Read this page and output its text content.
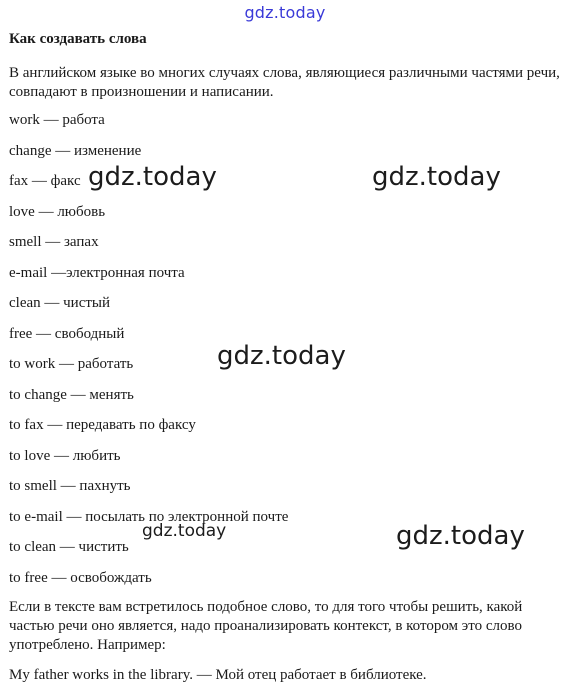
gdz.today
Как создавать слова
В английском языке во многих случаях слова, являющиеся различными частями речи, совпадают в произношении и написании.
work — работа
change — изменение
fax — факс
love — любовь
smell — запах
e-mail —электронная почта
clean — чистый
free — свободный
to work — работать
to change — менять
to fax — передавать по факсу
to love — любить
to smell — пахнуть
to e-mail — посылать по электронной почте
to clean — чистить
to free — освобождать
Если в тексте вам встретилось подобное слово, то для того чтобы решить, какой частью речи оно является, надо проанализировать контекст, в котором это слово употреблено. Например:
My father works in the library. — Мой отец работает в библиотеке.
gdz.today	gdz.today
gdz.today
gdz.today	gdz.today
